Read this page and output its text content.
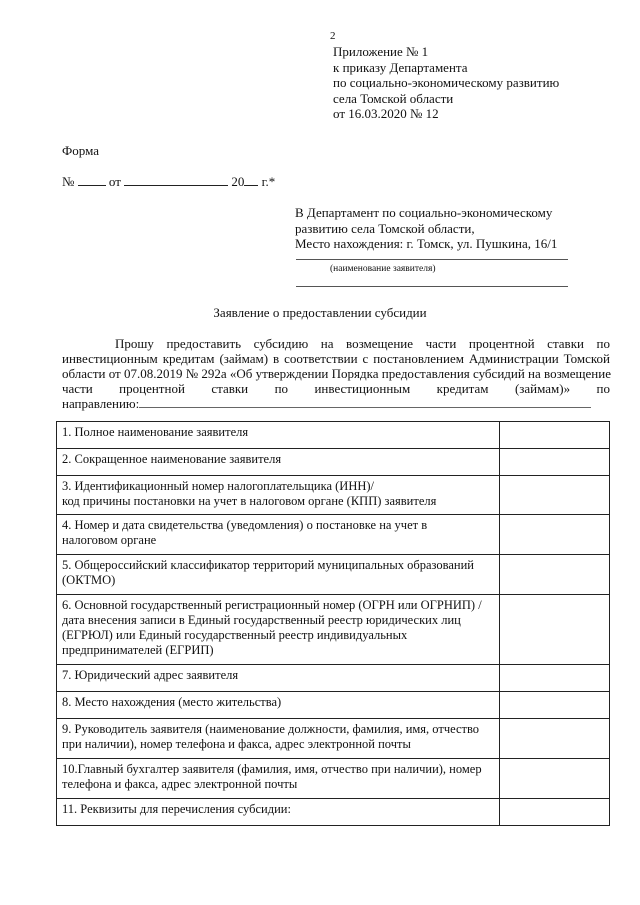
2
Приложение № 1
к приказу Департамента
по социально-экономическому развитию
села Томской области
от 16.03.2020 № 12
Форма
№	от	20 г.*
В Департамент по социально-экономическому
развитию села Томской области,
Место нахождения: г. Томск, ул. Пушкина, 16/1
(наименование заявителя)
Заявление о предоставлении субсидии
Прошу предоставить субсидию на возмещение части процентной ставки по
инвестиционным кредитам (займам) в соответствии с постановлением Администрации Томской
области от 07.08.2019 № 292а «Об утверждении Порядка предоставления субсидий на возмещение
части процентной ставки по инвестиционным кредитам (займам)» по
направлению:
1. Полное наименование заявителя	
2. Сокращенное наименование заявителя	
3. Идентификационный номер налогоплательщика (ИНН)/
код причины постановки на учет в налоговом органе (КПП) заявителя	
4. Номер и дата свидетельства (уведомления) о постановке на учет в
налоговом органе	
5. Общероссийский классификатор территорий муниципальных образований
(ОКТМО)	
6. Основной государственный регистрационный номер (ОГРН или ОГРНИП) /
дата внесения записи в Единый государственный реестр юридических лиц
(ЕГРЮЛ) или Единый государственный реестр индивидуальных
предпринимателей (ЕГРИП)	
7. Юридический адрес заявителя	
8. Место нахождения (место жительства)	
9. Руководитель заявителя (наименование должности, фамилия, имя, отчество
при наличии), номер телефона и факса, адрес электронной почты	
10.Главный бухгалтер заявителя (фамилия, имя, отчество при наличии), номер
телефона и факса, адрес электронной почты	
11. Реквизиты для перечисления субсидии:	
